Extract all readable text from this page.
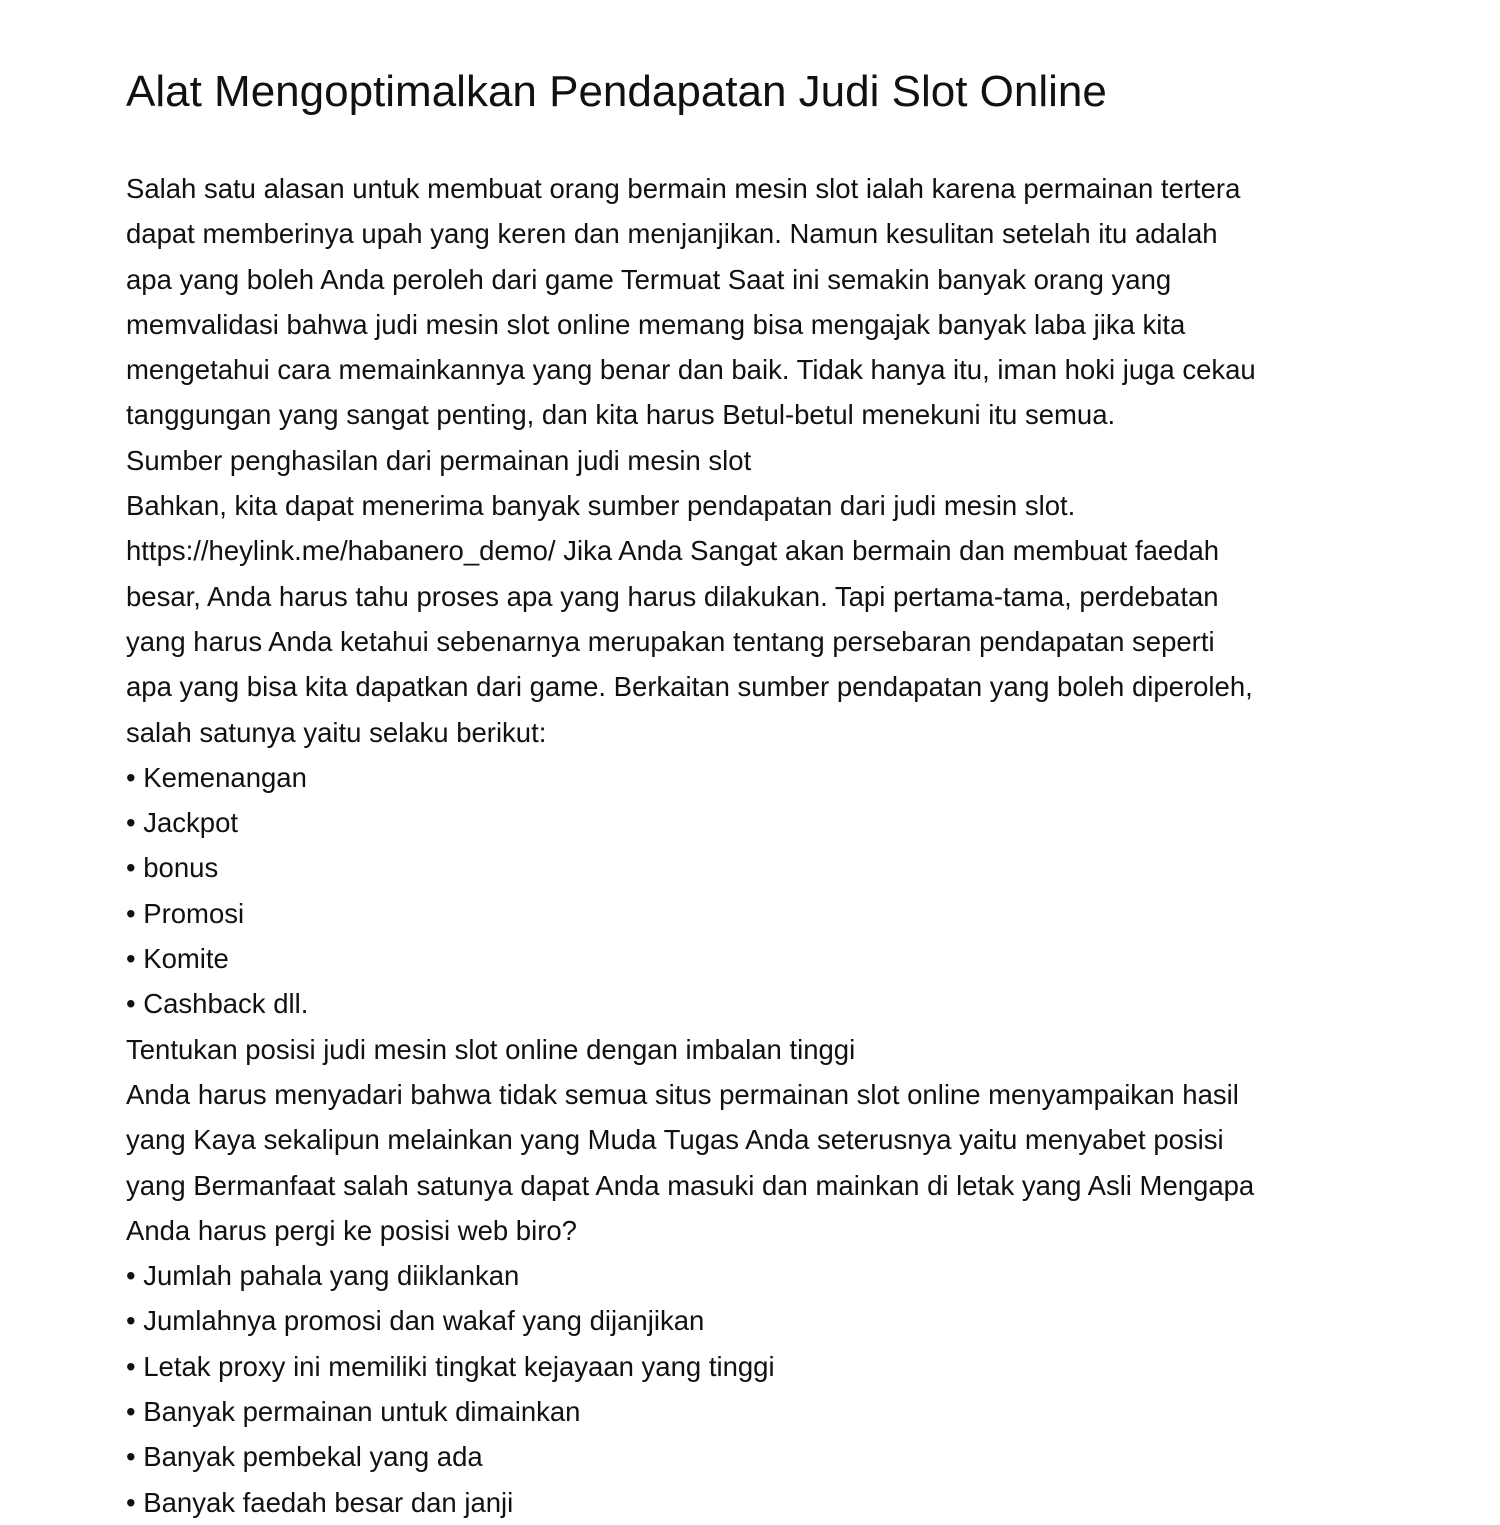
Alat Mengoptimalkan Pendapatan Judi Slot Online
Salah satu alasan untuk membuat orang bermain mesin slot ialah karena permainan tertera
dapat memberinya upah yang keren dan menjanjikan. Namun kesulitan setelah itu adalah
apa yang boleh Anda peroleh dari game Termuat Saat ini semakin banyak orang yang
memvalidasi bahwa judi mesin slot online memang bisa mengajak banyak laba jika kita
mengetahui cara memainkannya yang benar dan baik. Tidak hanya itu, iman hoki juga cekau
tanggungan yang sangat penting, dan kita harus Betul-betul menekuni itu semua.
Sumber penghasilan dari permainan judi mesin slot
Bahkan, kita dapat menerima banyak sumber pendapatan dari judi mesin slot.
https://heylink.me/habanero_demo/ Jika Anda Sangat akan bermain dan membuat faedah
besar, Anda harus tahu proses apa yang harus dilakukan. Tapi pertama-tama, perdebatan
yang harus Anda ketahui sebenarnya merupakan tentang persebaran pendapatan seperti
apa yang bisa kita dapatkan dari game. Berkaitan sumber pendapatan yang boleh diperoleh,
salah satunya yaitu selaku berikut:
• Kemenangan
• Jackpot
• bonus
• Promosi
• Komite
• Cashback dll.
Tentukan posisi judi mesin slot online dengan imbalan tinggi
Anda harus menyadari bahwa tidak semua situs permainan slot online menyampaikan hasil
yang Kaya sekalipun melainkan yang Muda Tugas Anda seterusnya yaitu menyabet posisi
yang Bermanfaat salah satunya dapat Anda masuki dan mainkan di letak yang Asli Mengapa
Anda harus pergi ke posisi web biro?
• Jumlah pahala yang diiklankan
• Jumlahnya promosi dan wakaf yang dijanjikan
• Letak proxy ini memiliki tingkat kejayaan yang tinggi
• Banyak permainan untuk dimainkan
• Banyak pembekal yang ada
• Banyak faedah besar dan janji
